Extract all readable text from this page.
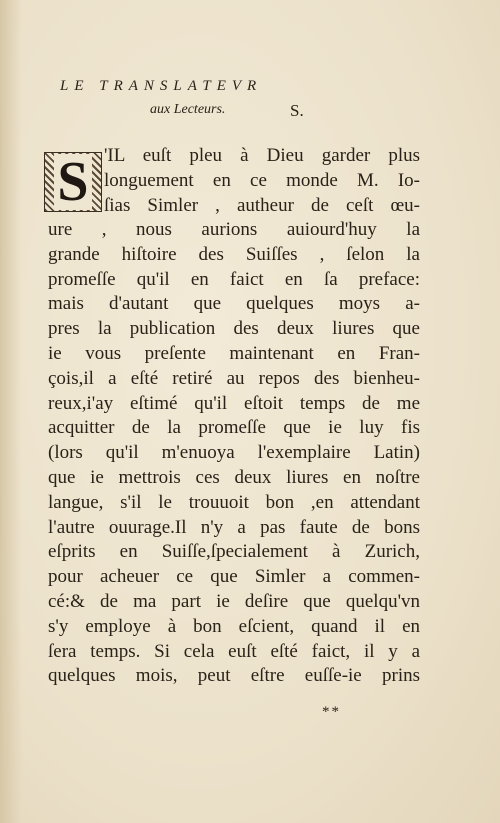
LE TRANSLATEVR
aux Lecteurs.	S.
S 'IL euſt pleu à Dieu garder plus
longuement en ce monde M. Io-
ſias Simler , autheur de ceſt œu-
ure , nous aurions auiourd'huy la
grande hiſtoire des Suiſſes , ſelon la
promeſſe qu'il en faict en ſa preface:
mais d'autant que quelques moys a-
pres la publication des deux liures que
ie vous preſente maintenant en Fran-
çois,il a eſté retiré au repos des bienheu-
reux,i'ay eſtimé qu'il eſtoit temps de me
acquitter de la promeſſe que ie luy fis
(lors qu'il m'enuoya l'exemplaire Latin)
que ie mettrois ces deux liures en noſtre
langue, s'il le trouuoit bon ,en attendant
l'autre ouurage.Il n'y a pas faute de bons
eſprits en Suiſſe,ſpecialement à Zurich,
pour acheuer ce que Simler a commen-
cé:& de ma part ie deſire que quelqu'vn
s'y employe à bon eſcient, quand il en
ſera temps. Si cela euſt eſté faict, il y a
quelques mois, peut eſtre euſſe-ie prins
**
